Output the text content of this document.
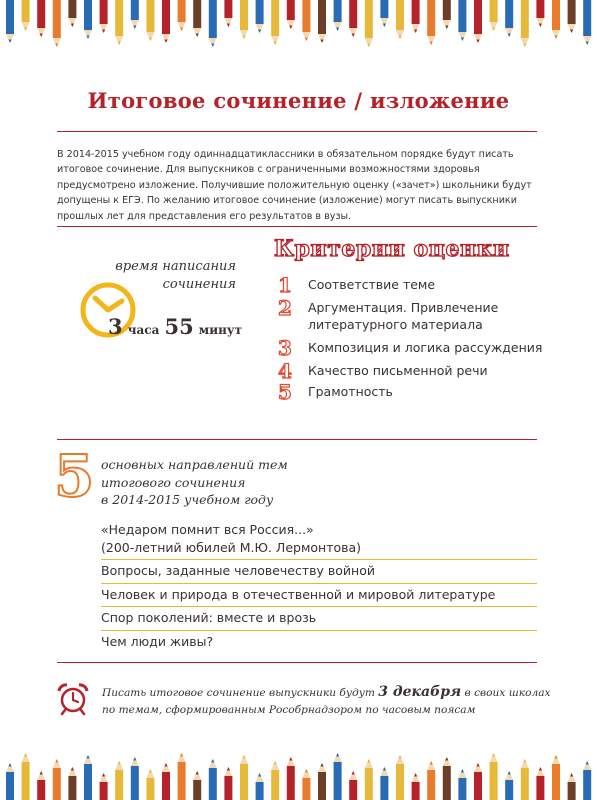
Итоговое сочинение / изложение
В 2014-2015 учебном году одиннадцатиклассники в обязательном порядке будут писать итоговое сочинение. Для выпускников с ограниченными возможностями здоровья предусмотрено изложение. Получившие положительную оценку («зачет») школьники будут допущены к ЕГЭ. По желанию итоговое сочинение (изложение) могут писать выпускники прошлых лет для представления его результатов в вузы.
время написания
сочинения
3 часа 55 минут
Критерии оценки
1 Соответствие теме
2 Аргументация. Привлечение литературного материала
3 Композиция и логика рассуждения
4 Качество письменной речи
5 Грамотность
5 основных направлений тем
итогового сочинения
в 2014-2015 учебном году
«Недаром помнит вся Россия...»
(200-летний юбилей М.Ю. Лермонтова)
Вопросы, заданные человечеству войной
Человек и природа в отечественной и мировой литературе
Спор поколений: вместе и врозь
Чем люди живы?
Писать итоговое сочинение выпускники будут 3 декабря в своих школах по темам, сформированным Рособрнадзором по часовым поясам
